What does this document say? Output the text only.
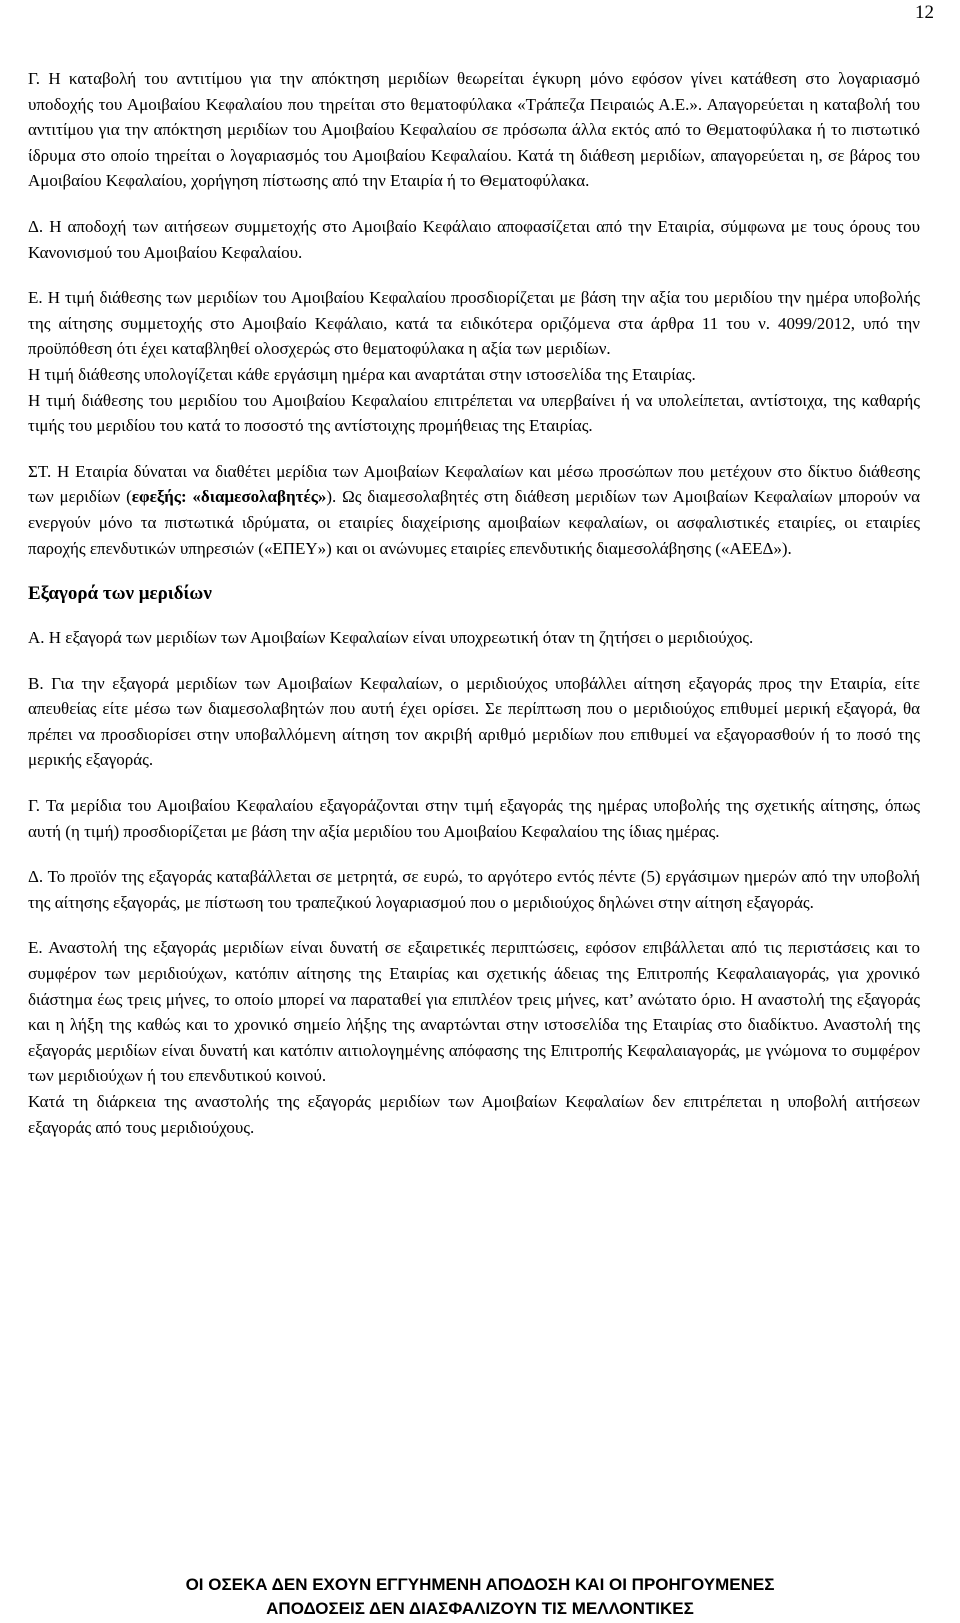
12

Γ. Η καταβολή του αντιτίμου για την απόκτηση μεριδίων θεωρείται έγκυρη μόνο εφόσον γίνει κατάθεση στο λογαριασμό υποδοχής του Αμοιβαίου Κεφαλαίου που τηρείται στο θεματοφύλακα «Τράπεζα Πειραιώς Α.Ε.». Απαγορεύεται η καταβολή του αντιτίμου για την απόκτηση μεριδίων του Αμοιβαίου Κεφαλαίου σε πρόσωπα άλλα εκτός από το Θεματοφύλακα ή το πιστωτικό ίδρυμα στο οποίο τηρείται ο λογαριασμός του Αμοιβαίου Κεφαλαίου. Κατά τη διάθεση μεριδίων, απαγορεύεται η, σε βάρος του Αμοιβαίου Κεφαλαίου, χορήγηση πίστωσης από την Εταιρία ή το Θεματοφύλακα.

Δ. Η αποδοχή των αιτήσεων συμμετοχής στο Αμοιβαίο Κεφάλαιο αποφασίζεται από την Εταιρία, σύμφωνα με τους όρους του Κανονισμού του Αμοιβαίου Κεφαλαίου.

Ε. Η τιμή διάθεσης των μεριδίων του Αμοιβαίου Κεφαλαίου προσδιορίζεται με βάση την αξία του μεριδίου την ημέρα υποβολής της αίτησης συμμετοχής στο Αμοιβαίο Κεφάλαιο, κατά τα ειδικότερα οριζόμενα στα άρθρα 11 του ν. 4099/2012, υπό την προϋπόθεση ότι έχει καταβληθεί ολοσχερώς στο θεματοφύλακα η αξία των μεριδίων.

Η τιμή διάθεσης υπολογίζεται κάθε εργάσιμη ημέρα και αναρτάται στην ιστοσελίδα της Εταιρίας.

Η τιμή διάθεσης του μεριδίου του Αμοιβαίου Κεφαλαίου επιτρέπεται να υπερβαίνει ή να υπολείπεται, αντίστοιχα, της καθαρής τιμής του μεριδίου του κατά το ποσοστό της αντίστοιχης προμήθειας της Εταιρίας.

ΣΤ. Η Εταιρία δύναται να διαθέτει μερίδια των Αμοιβαίων Κεφαλαίων και μέσω προσώπων που μετέχουν στο δίκτυο διάθεσης των μεριδίων (εφεξής: «διαμεσολαβητές»). Ως διαμεσολαβητές στη διάθεση μεριδίων των Αμοιβαίων Κεφαλαίων μπορούν να ενεργούν μόνο τα πιστωτικά ιδρύματα, οι εταιρίες διαχείρισης αμοιβαίων κεφαλαίων, οι ασφαλιστικές εταιρίες, οι εταιρίες παροχής επενδυτικών υπηρεσιών («ΕΠΕΥ») και οι ανώνυμες εταιρίες επενδυτικής διαμεσολάβησης («ΑΕΕΔ»).

Εξαγορά των μεριδίων

Α. Η εξαγορά των μεριδίων των Αμοιβαίων Κεφαλαίων είναι υποχρεωτική όταν τη ζητήσει ο μεριδιούχος.

Β. Για την εξαγορά μεριδίων των Αμοιβαίων Κεφαλαίων, ο μεριδιούχος υποβάλλει αίτηση εξαγοράς προς την Εταιρία, είτε απευθείας είτε μέσω των διαμεσολαβητών που αυτή έχει ορίσει. Σε περίπτωση που ο μεριδιούχος επιθυμεί μερική εξαγορά, θα πρέπει να προσδιορίσει στην υποβαλλόμενη αίτηση τον ακριβή αριθμό μεριδίων που επιθυμεί να εξαγορασθούν ή το ποσό της μερικής εξαγοράς.

Γ. Τα μερίδια του Αμοιβαίου Κεφαλαίου εξαγοράζονται στην τιμή εξαγοράς της ημέρας υποβολής της σχετικής αίτησης, όπως αυτή (η τιμή) προσδιορίζεται με βάση την αξία μεριδίου του Αμοιβαίου Κεφαλαίου της ίδιας ημέρας.

Δ. Το προϊόν της εξαγοράς καταβάλλεται σε μετρητά, σε ευρώ, το αργότερο εντός πέντε (5) εργάσιμων ημερών από την υποβολή της αίτησης εξαγοράς, με πίστωση του τραπεζικού λογαριασμού που ο μεριδιούχος δηλώνει στην αίτηση εξαγοράς.

Ε. Αναστολή της εξαγοράς μεριδίων είναι δυνατή σε εξαιρετικές περιπτώσεις, εφόσον επιβάλλεται από τις περιστάσεις και το συμφέρον των μεριδιούχων, κατόπιν αίτησης της Εταιρίας και σχετικής άδειας της Επιτροπής Κεφαλαιαγοράς, για χρονικό διάστημα έως τρεις μήνες, το οποίο μπορεί να παραταθεί για επιπλέον τρεις μήνες, κατ’ ανώτατο όριο. Η αναστολή της εξαγοράς και η λήξη της καθώς και το χρονικό σημείο λήξης της αναρτώνται στην ιστοσελίδα της Εταιρίας στο διαδίκτυο. Αναστολή της εξαγοράς μεριδίων είναι δυνατή και κατόπιν αιτιολογημένης απόφασης της Επιτροπής Κεφαλαιαγοράς, με γνώμονα το συμφέρον των μεριδιούχων ή του επενδυτικού κοινού.

Κατά τη διάρκεια της αναστολής της εξαγοράς μεριδίων των Αμοιβαίων Κεφαλαίων δεν επιτρέπεται η υποβολή αιτήσεων εξαγοράς από τους μεριδιούχους.

ΟΙ ΟΣΕΚΑ ΔΕΝ ΕΧΟΥΝ ΕΓΓΥΗΜΕΝΗ ΑΠΟΔΟΣΗ ΚΑΙ ΟΙ ΠΡΟΗΓΟΥΜΕΝΕΣ
ΑΠΟΔΟΣΕΙΣ ΔΕΝ ΔΙΑΣΦΑΛΙΖΟΥΝ ΤΙΣ ΜΕΛΛΟΝΤΙΚΕΣ
